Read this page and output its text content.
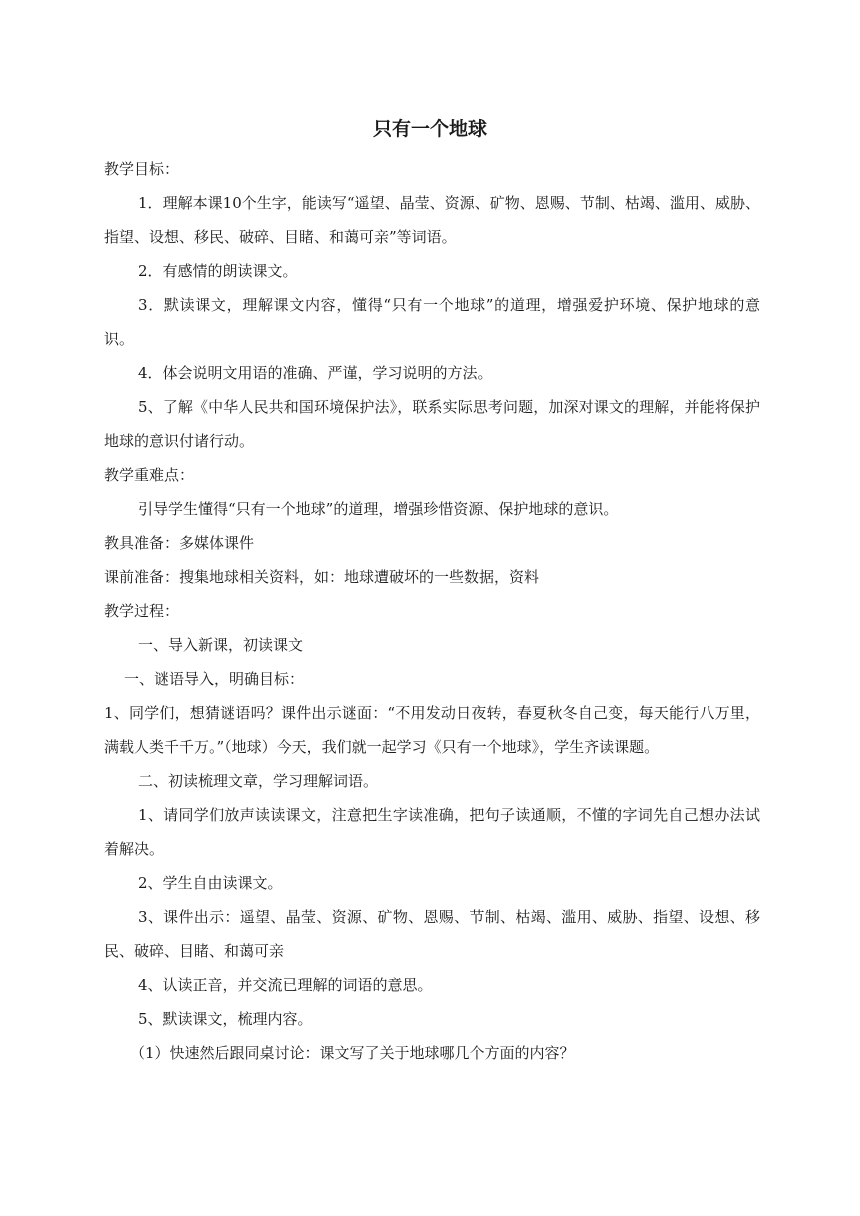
只有一个地球

教学目标：

1．理解本课10个生字，能读写“遥望、晶莹、资源、矿物、恩赐、节制、枯竭、滥用、威胁、指望、设想、移民、破碎、目睹、和蔼可亲”等词语。

2．有感情的朗读课文。

3．默读课文，理解课文内容，懂得“只有一个地球”的道理，增强爱护环境、保护地球的意识。

4．体会说明文用语的准确、严谨，学习说明的方法。

5、了解《中华人民共和国环境保护法》，联系实际思考问题，加深对课文的理解，并能将保护地球的意识付诸行动。

教学重难点：

引导学生懂得“只有一个地球”的道理，增强珍惜资源、保护地球的意识。

教具准备：多媒体课件

课前准备：搜集地球相关资料，如：地球遭破坏的一些数据，资料

教学过程：

一、导入新课，初读课文

一、谜语导入，明确目标：

1、同学们，想猜谜语吗？课件出示谜面：“不用发动日夜转，春夏秋冬自己变，每天能行八万里，满载人类千千万。”（地球）今天，我们就一起学习《只有一个地球》，学生齐读课题。

二、初读梳理文章，学习理解词语。

1、请同学们放声读读课文，注意把生字读准确，把句子读通顺，不懂的字词先自己想办法试着解决。

2、学生自由读课文。

3、课件出示：遥望、晶莹、资源、矿物、恩赐、节制、枯竭、滥用、威胁、指望、设想、移民、破碎、目睹、和蔼可亲

4、认读正音，并交流已理解的词语的意思。

5、默读课文，梳理内容。

（1）快速然后跟同桌讨论：课文写了关于地球哪几个方面的内容？
